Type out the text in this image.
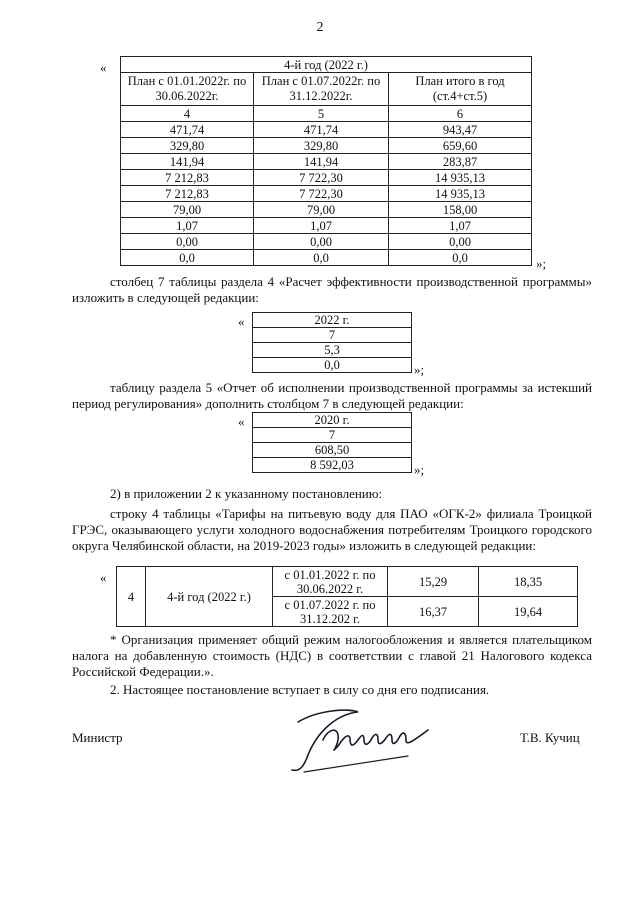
2
«	4-й год (2022 г.)		
План с 01.01.2022г. по 30.06.2022г.	План с 01.07.2022г. по 31.12.2022г.	План итого в год (ст.4+ст.5)
4	5	6
471,74	471,74	943,47
329,80	329,80	659,60
141,94	141,94	283,87
7 212,83	7 722,30	14 935,13
7 212,83	7 722,30	14 935,13
79,00	79,00	158,00
1,07	1,07	1,07
0,00	0,00	0,00
0,0	0,0	0,0	»;
столбец 7 таблицы раздела 4 «Расчет эффективности производственной программы» изложить в следующей редакции:
«	2022 г.
7
5,3
0,0	»;
таблицу раздела 5 «Отчет об исполнении производственной программы за истекший период регулирования» дополнить столбцом 7 в следующей редакции:
«	2020 г.
7
608,50
8 592,03	»;
2) в приложении 2 к указанному постановлению:
строку 4 таблицы «Тарифы на питьевую воду для ПАО «ОГК-2» филиала Троицкой ГРЭС, оказывающего услуги холодного водоснабжения потребителям Троицкого городского округа Челябинской области, на 2019-2023 годы» изложить в следующей редакции:
«
4	4-й год (2022 г.)	с 01.01.2022 г. по 30.06.2022 г.	15,29	18,35
		с 01.07.2022 г. по 31.12.202 г.	16,37	19,64
* Организация применяет общий режим налогообложения и является плательщиком налога на добавленную стоимость (НДС) в соответствии с главой 21 Налогового кодекса Российской Федерации.».
2. Настоящее постановление вступает в силу со дня его подписания.
Министр	Т.В. Кучиц
